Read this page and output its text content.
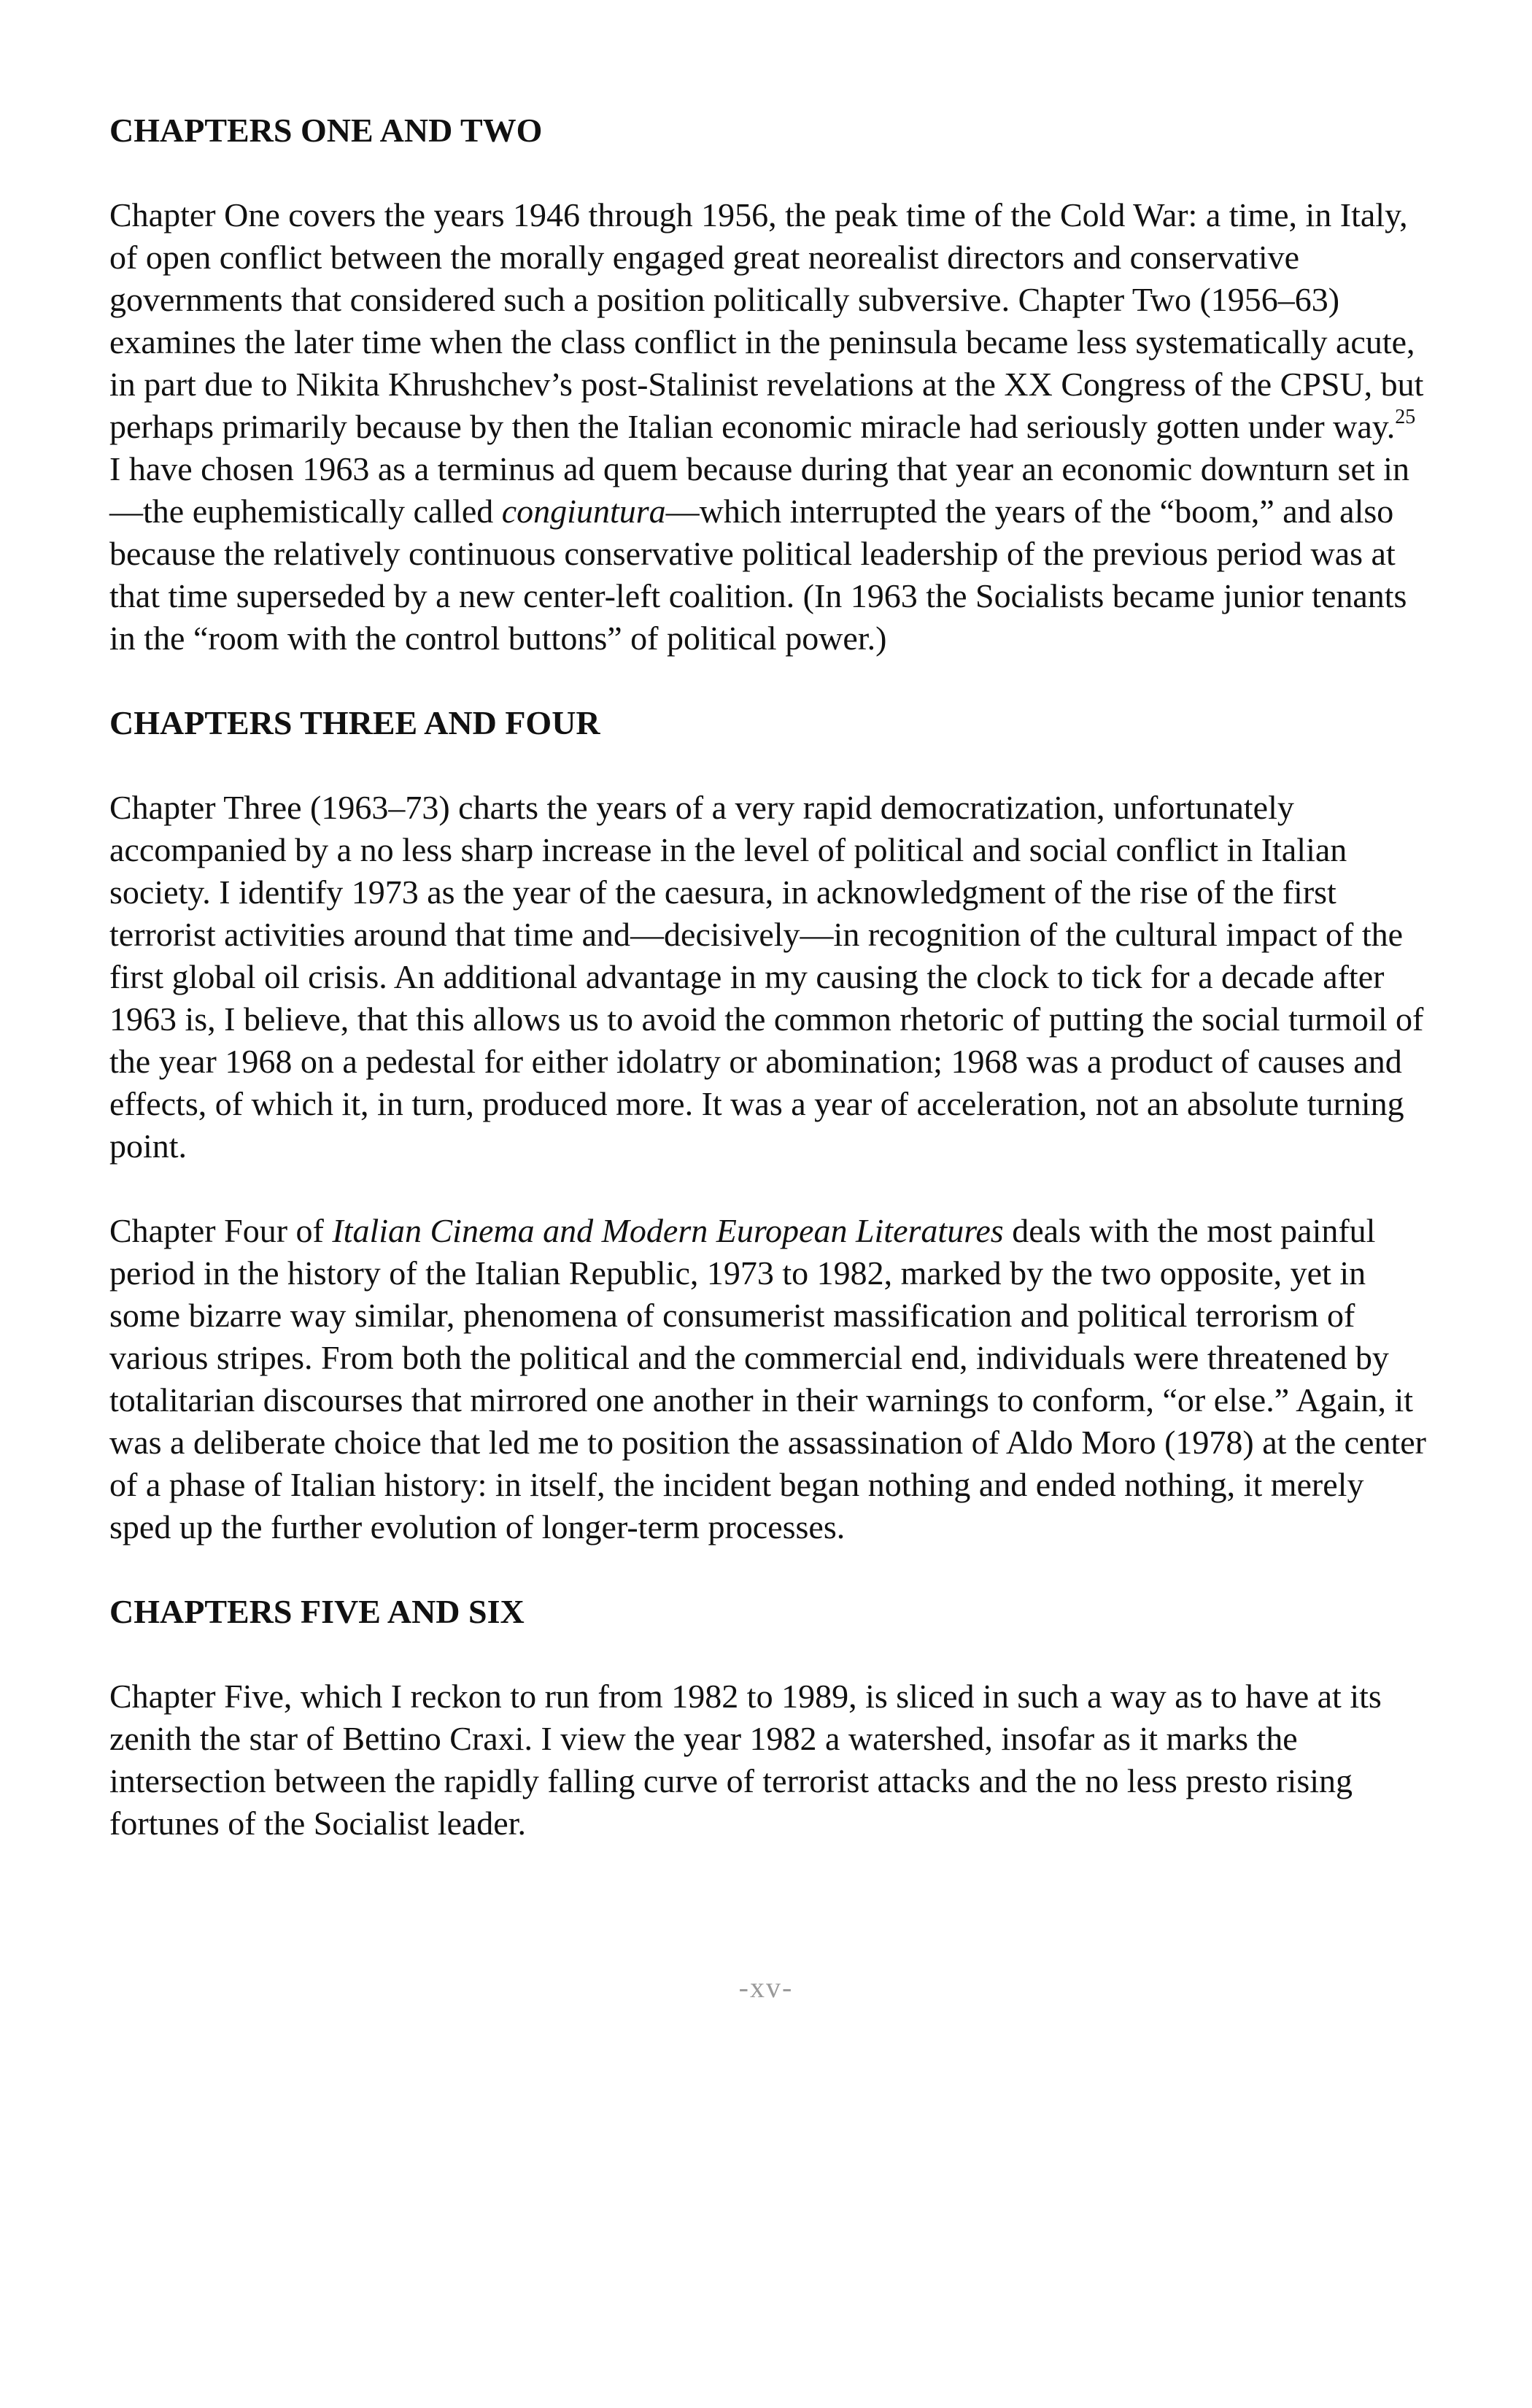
CHAPTERS ONE AND TWO

Chapter One covers the years 1946 through 1956, the peak time of the Cold War: a time, in Italy, of open conflict between the morally engaged great neorealist directors and conservative governments that considered such a position politically subversive. Chapter Two (1956–63) examines the later time when the class conflict in the peninsula became less systematically acute, in part due to Nikita Khrushchev’s post-Stalinist revelations at the XX Congress of the CPSU, but perhaps primarily because by then the Italian economic miracle had seriously gotten under way.$^{25}$ I have chosen 1963 as a terminus ad quem because during that year an economic downturn set in—the euphemistically called congiuntura—which interrupted the years of the “boom,” and also because the relatively continuous conservative political leadership of the previous period was at that time superseded by a new center-left coalition. (In 1963 the Socialists became junior tenants in the “room with the control buttons” of political power.)

CHAPTERS THREE AND FOUR

Chapter Three (1963–73) charts the years of a very rapid democratization, unfortunately accompanied by a no less sharp increase in the level of political and social conflict in Italian society. I identify 1973 as the year of the caesura, in acknowledgment of the rise of the first terrorist activities around that time and—decisively—in recognition of the cultural impact of the first global oil crisis. An additional advantage in my causing the clock to tick for a decade after 1963 is, I believe, that this allows us to avoid the common rhetoric of putting the social turmoil of the year 1968 on a pedestal for either idolatry or abomination; 1968 was a product of causes and effects, of which it, in turn, produced more. It was a year of acceleration, not an absolute turning point.

Chapter Four of Italian Cinema and Modern European Literatures deals with the most painful period in the history of the Italian Republic, 1973 to 1982, marked by the two opposite, yet in some bizarre way similar, phenomena of consumerist massification and political terrorism of various stripes. From both the political and the commercial end, individuals were threatened by totalitarian discourses that mirrored one another in their warnings to conform, “or else.” Again, it was a deliberate choice that led me to position the assassination of Aldo Moro (1978) at the center of a phase of Italian history: in itself, the incident began nothing and ended nothing, it merely sped up the further evolution of longer-term processes.

CHAPTERS FIVE AND SIX

Chapter Five, which I reckon to run from 1982 to 1989, is sliced in such a way as to have at its zenith the star of Bettino Craxi. I view the year 1982 a watershed, insofar as it marks the intersection between the rapidly falling curve of terrorist attacks and the no less presto rising fortunes of the Socialist leader.

-xv-
